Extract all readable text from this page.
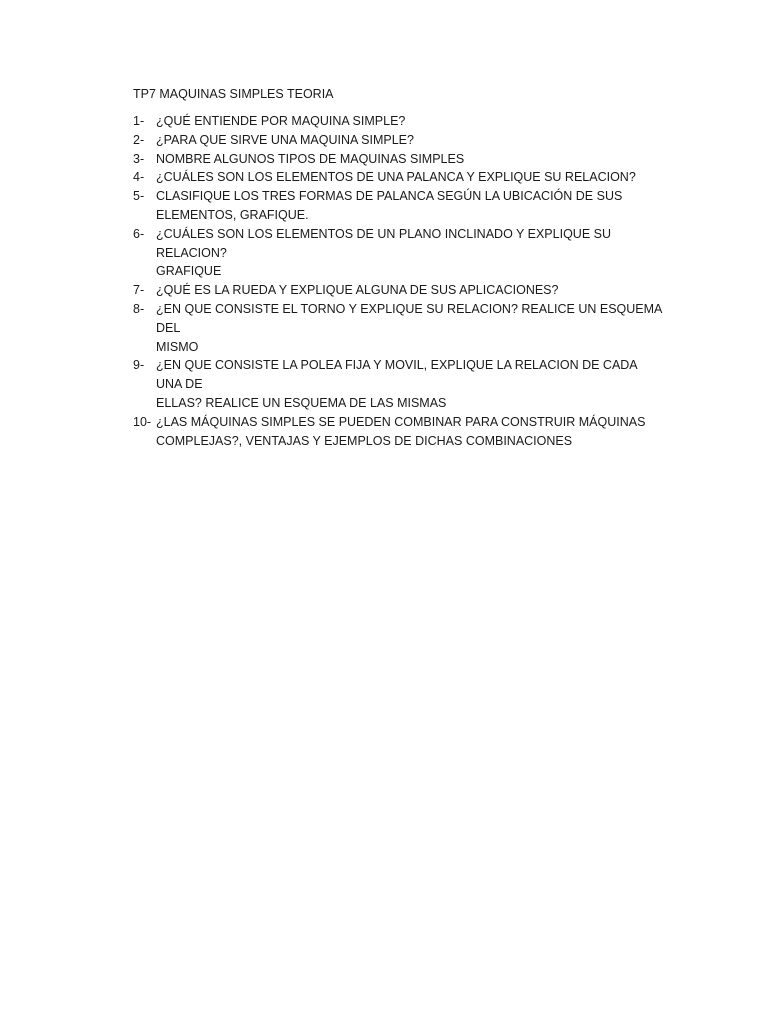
TP7 MAQUINAS SIMPLES TEORIA
1- ¿QUÉ ENTIENDE POR MAQUINA SIMPLE?
2- ¿PARA QUE SIRVE UNA MAQUINA SIMPLE?
3- NOMBRE ALGUNOS TIPOS DE MAQUINAS SIMPLES
4- ¿CUÁLES SON LOS ELEMENTOS DE UNA PALANCA Y EXPLIQUE SU RELACION?
5- CLASIFIQUE LOS TRES FORMAS DE PALANCA SEGÚN LA UBICACIÓN DE SUS
ELEMENTOS, GRAFIQUE.
6- ¿CUÁLES SON LOS ELEMENTOS DE UN PLANO INCLINADO Y EXPLIQUE SU RELACION?
GRAFIQUE
7- ¿QUÉ ES LA RUEDA Y EXPLIQUE ALGUNA DE SUS APLICACIONES?
8- ¿EN QUE CONSISTE EL TORNO Y EXPLIQUE SU RELACION? REALICE UN ESQUEMA DEL
MISMO
9- ¿EN QUE CONSISTE LA POLEA FIJA Y MOVIL, EXPLIQUE LA RELACION DE CADA UNA DE
ELLAS? REALICE UN ESQUEMA DE LAS MISMAS
10- ¿LAS MÁQUINAS SIMPLES SE PUEDEN COMBINAR PARA CONSTRUIR MÁQUINAS
COMPLEJAS?, VENTAJAS Y EJEMPLOS DE DICHAS COMBINACIONES
